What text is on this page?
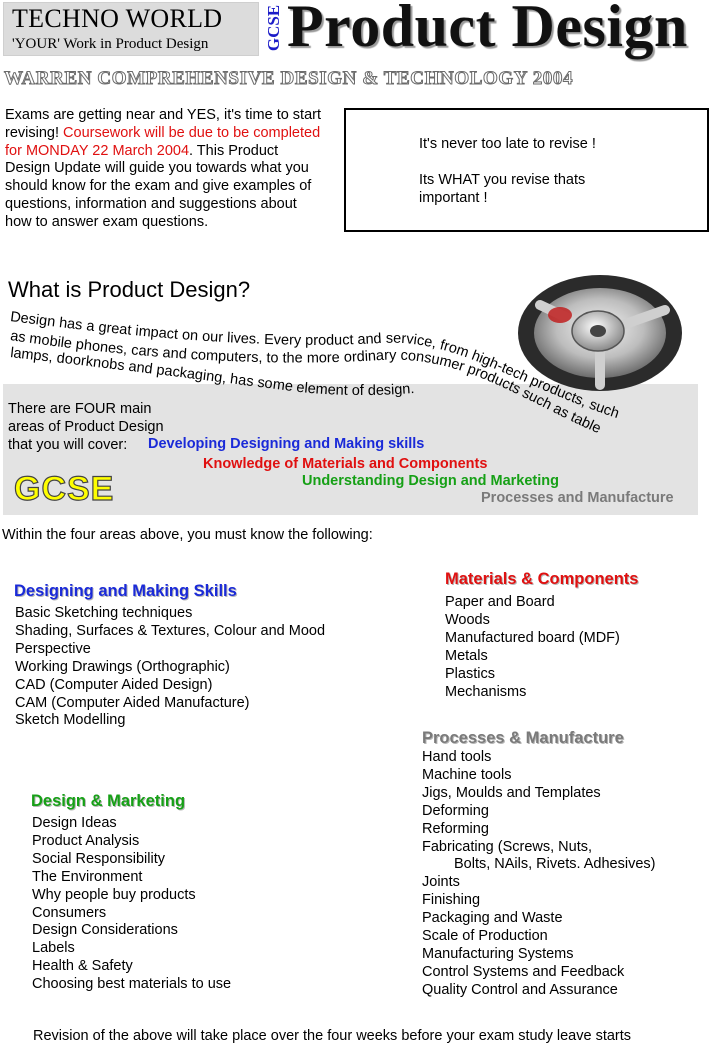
TECHNO WORLD
'YOUR' Work in Product Design	GCSE Product Design
WARREN COMPREHENSIVE DESIGN & TECHNOLOGY 2004
Exams are getting near and YES, it's time to start revising! Coursework will be due to be completed for MONDAY 22 March 2004. This Product Design Update will guide you towards what you should know for the exam and give examples of questions, information and suggestions about how to answer exam questions.

It's never too late to revise !

Its WHAT you revise thats important !

What is Product Design?
Design has a great impact on our lives. Every product and service, from high-tech products, such
as mobile phones, cars and computers, to the more ordinary consumer products such as table
lamps, doorknobs and packaging, has some element of design.
There are FOUR main areas of Product Design that you will cover:	Developing Designing and Making skills
Knowledge of Materials and Components
Understanding Design and Marketing
Processes and Manufacture
GCSE
Within the four areas above, you must know the following:
Designing and Making Skills
Basic Sketching techniques
Shading, Surfaces & Textures, Colour and Mood
Perspective
Working Drawings (Orthographic)
CAD (Computer Aided Design)
CAM (Computer Aided Manufacture)
Sketch Modelling
Materials & Components
Paper and Board
Woods
Manufactured board (MDF)
Metals
Plastics
Mechanisms
Processes & Manufacture
Hand tools
Machine tools
Jigs, Moulds and Templates
Deforming
Reforming
Fabricating (Screws, Nuts,
Bolts, NAils, Rivets. Adhesives)
Joints
Finishing
Packaging and Waste
Scale of Production
Manufacturing Systems
Control Systems and Feedback
Quality Control and Assurance
Design & Marketing
Design Ideas
Product Analysis
Social Responsibility
The Environment
Why people buy products
Consumers
Design Considerations
Labels
Health & Safety
Choosing best materials to use
Revision of the above will take place over the four weeks before your exam study leave starts
